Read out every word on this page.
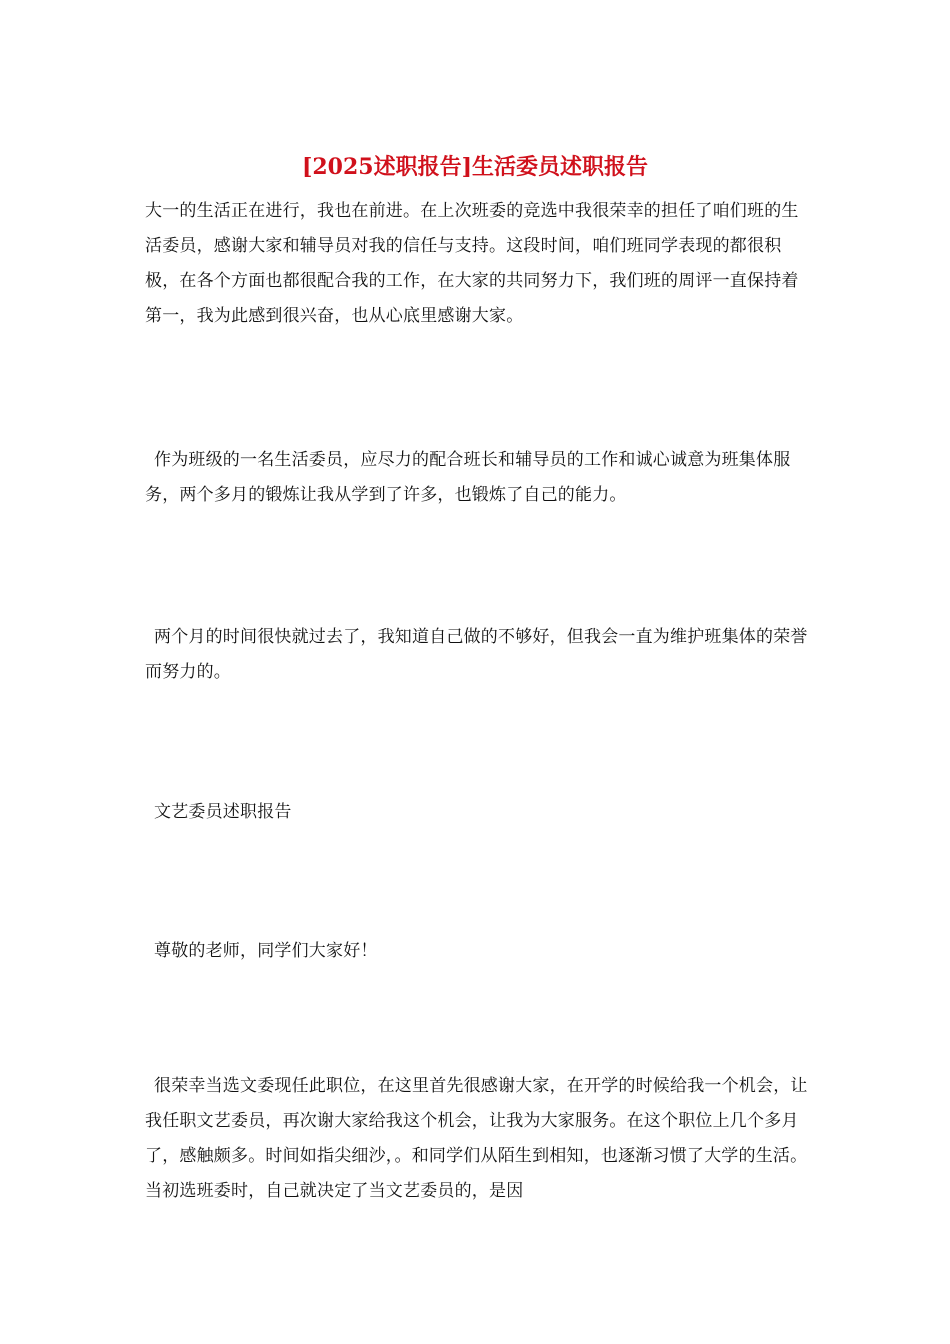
[2025述职报告]生活委员述职报告

大一的生活正在进行，我也在前进。在上次班委的竞选中我很荣幸的担任了咱们班的生活委员，感谢大家和辅导员对我的信任与支持。这段时间，咱们班同学表现的都很积极，在各个方面也都很配合我的工作，在大家的共同努力下，我们班的周评一直保持着第一，我为此感到很兴奋，也从心底里感谢大家。

作为班级的一名生活委员，应尽力的配合班长和辅导员的工作和诚心诚意为班集体服务，两个多月的锻炼让我从学到了许多，也锻炼了自己的能力。

两个月的时间很快就过去了，我知道自己做的不够好，但我会一直为维护班集体的荣誉而努力的。

文艺委员述职报告

尊敬的老师，同学们大家好！

很荣幸当选文委现任此职位，在这里首先很感谢大家，在开学的时候给我一个机会，让我任职文艺委员，再次谢大家给我这个机会，让我为大家服务。在这个职位上几个多月了，感触颇多。时间如指尖细沙，。和同学们从陌生到相知，也逐渐习惯了大学的生活。当初选班委时，自己就决定了当文艺委员的，是因
